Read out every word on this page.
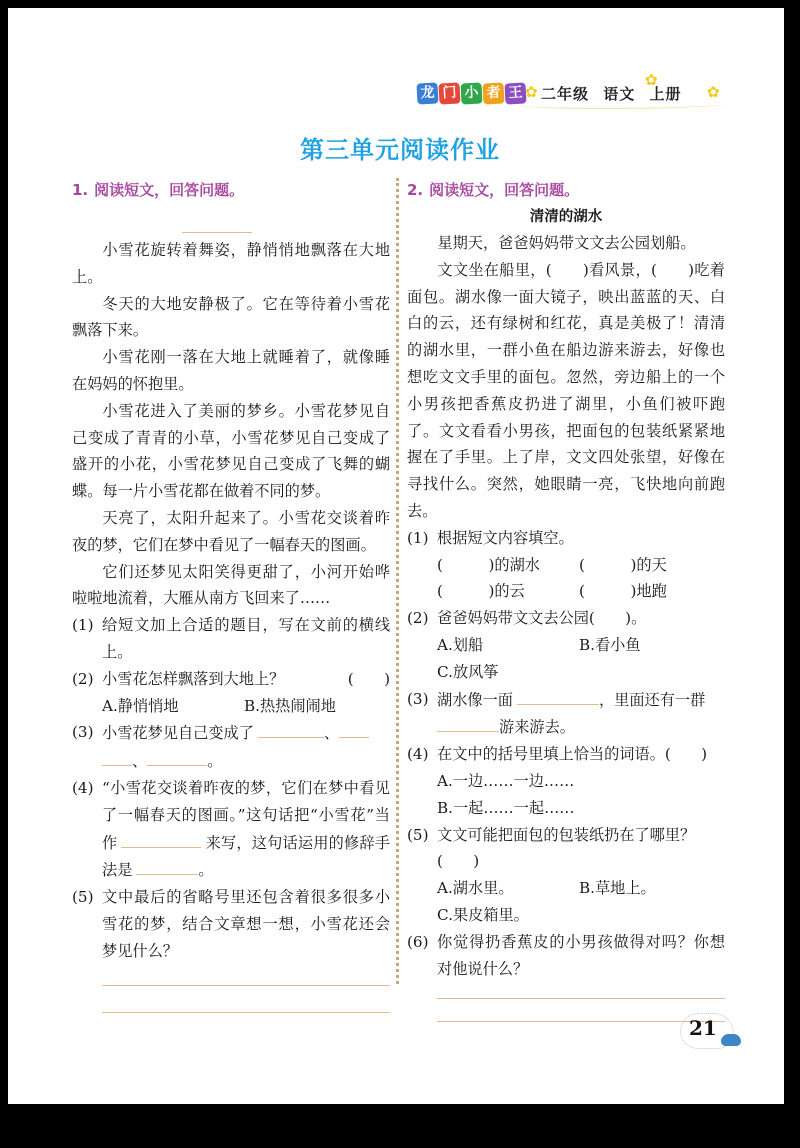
龙 门 小 者 王 ✿ 二年级 语文 上册
✿
✿
第三单元阅读作业
1. 阅读短文，回答问题。

小雪花旋转着舞姿，静悄悄地飘落在大地上。

冬天的大地安静极了。它在等待着小雪花飘落下来。

小雪花刚一落在大地上就睡着了，就像睡在妈妈的怀抱里。

小雪花进入了美丽的梦乡。小雪花梦见自己变成了青青的小草，小雪花梦见自己变成了盛开的小花，小雪花梦见自己变成了飞舞的蝴蝶。每一片小雪花都在做着不同的梦。

天亮了，太阳升起来了。小雪花交谈着昨夜的梦，它们在梦中看见了一幅春天的图画。

它们还梦见太阳笑得更甜了，小河开始哗啦啦地流着，大雁从南方飞回来了……

(1) 给短文加上合适的题目，写在文前的横线上。
(2) 小雪花怎样飘落到大地上？	(　　)
A.静悄悄地	B.热热闹闹地
(3) 小雪花梦见自己变成了	、
、	。
(4) “小雪花交谈着昨夜的梦，它们在梦中看见了一幅春天的图画。”这句话把“小雪花”当作	来写，这句话运用的修辞手法是	。
(5) 文中最后的省略号里还包含着很多很多小雪花的梦，结合文章想一想，小雪花还会梦见什么？
2. 阅读短文，回答问题。
清清的湖水

星期天，爸爸妈妈带文文去公园划船。

文文坐在船里，(　　)看风景，(　　)吃着面包。湖水像一面大镜子，映出蓝蓝的天、白白的云，还有绿树和红花，真是美极了！清清的湖水里，一群小鱼在船边游来游去，好像也想吃文文手里的面包。忽然，旁边船上的一个小男孩把香蕉皮扔进了湖里，小鱼们被吓跑了。文文看看小男孩，把面包的包装纸紧紧地握在了手里。上了岸，文文四处张望，好像在寻找什么。突然，她眼睛一亮，飞快地向前跑去。

(1) 根据短文内容填空。
(　　　)的湖水	(　　　)的天
(　　　)的云	(　　　)地跑
(2) 爸爸妈妈带文文去公园(　　)。
A.划船	B.看小鱼
C.放风筝
(3) 湖水像一面	，里面还有一群
游来游去。
(4) 在文中的括号里填上恰当的词语。(　　)
A.一边……一边……
B.一起……一起……
(5) 文文可能把面包的包装纸扔在了哪里？
(　　)
A.湖水里。	B.草地上。
C.果皮箱里。
(6) 你觉得扔香蕉皮的小男孩做得对吗？你想对他说什么？
21
